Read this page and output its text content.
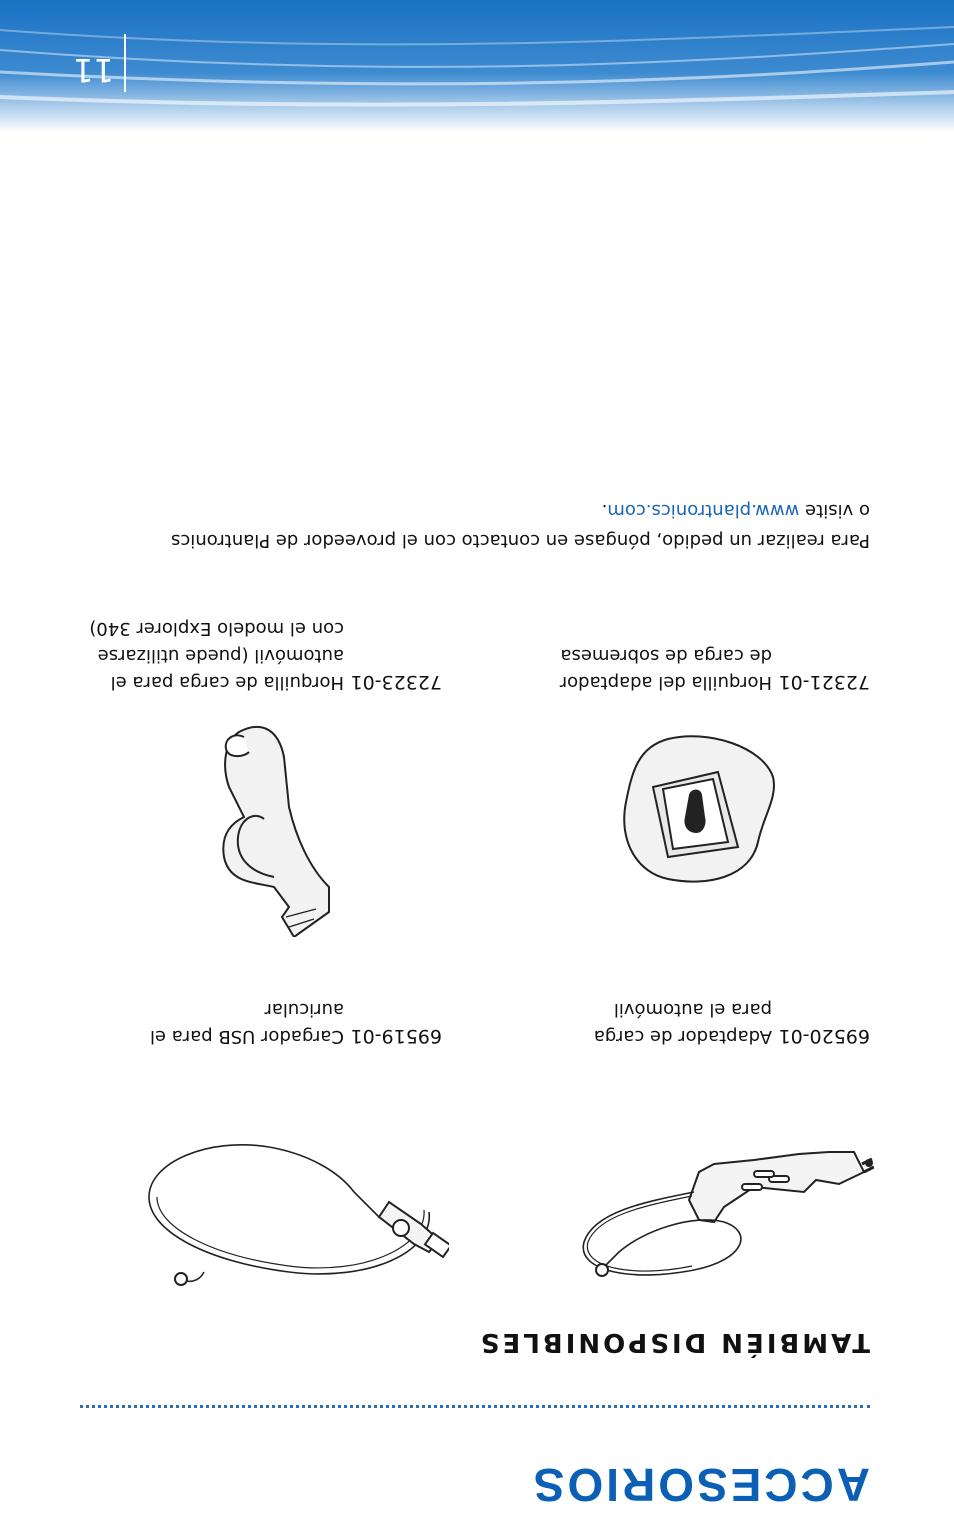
ACCESORIOS
TAMBIÉN DISPONIBLES
69520-01
Adaptador de carga
para el automóvil
69519-01
Cargador USB para el
auricular
72321-01
Horquilla del adaptador
de carga de sobremesa
72323-01
Horquilla de carga para el
automóvil (puede utilizarse
con el modelo Explorer 340)
Para realizar un pedido, póngase en contacto con el proveedor de Plantronics
o visite www.plantronics.com.
11
